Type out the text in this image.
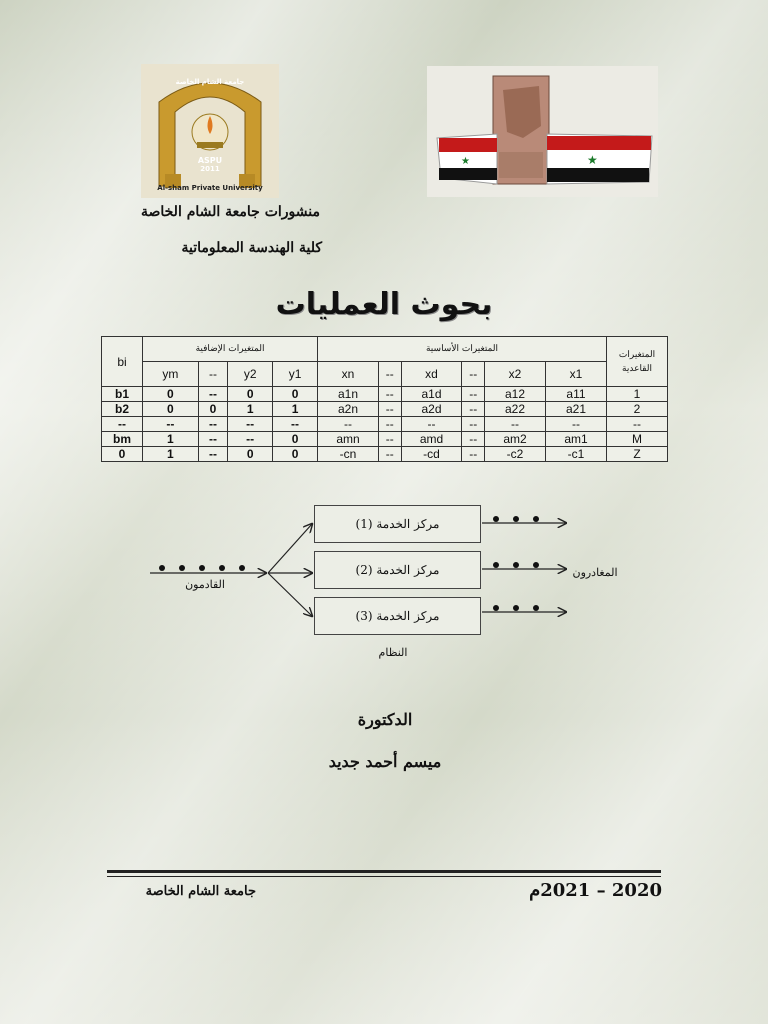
جامعة الشام الخاصة
ASPU
2011
Al-sham Private University
★
★
منشورات جامعة الشام الخاصة
كلية الهندسة المعلوماتية
بحوث العمليات
bi	المتغيرات الإضافية				المتغيرات الأساسية						المتغيرات القاعدية
	ym	--	y2	y1	xn	--	xd	--	x2	x1	
b1	0	--	0	0	a1n	--	a1d	--	a12	a11	1
b2	0	0	1	1	a2n	--	a2d	--	a22	a21	2
--	--	--	--	--	--	--	--	--	--	--	--
bm	1	--	--	0	amn	--	amd	--	am2	am1	M
0	1	--	0	0	-cn	--	-cd	--	-c2	-c1	Z
مركز الخدمة (1)
مركز الخدمة (2)
مركز الخدمة (3)
القادمون
المغادرون
النظام
الدكتورة
ميسم أحمد جديد
جامعة الشام الخاصة	2020 – 2021م
